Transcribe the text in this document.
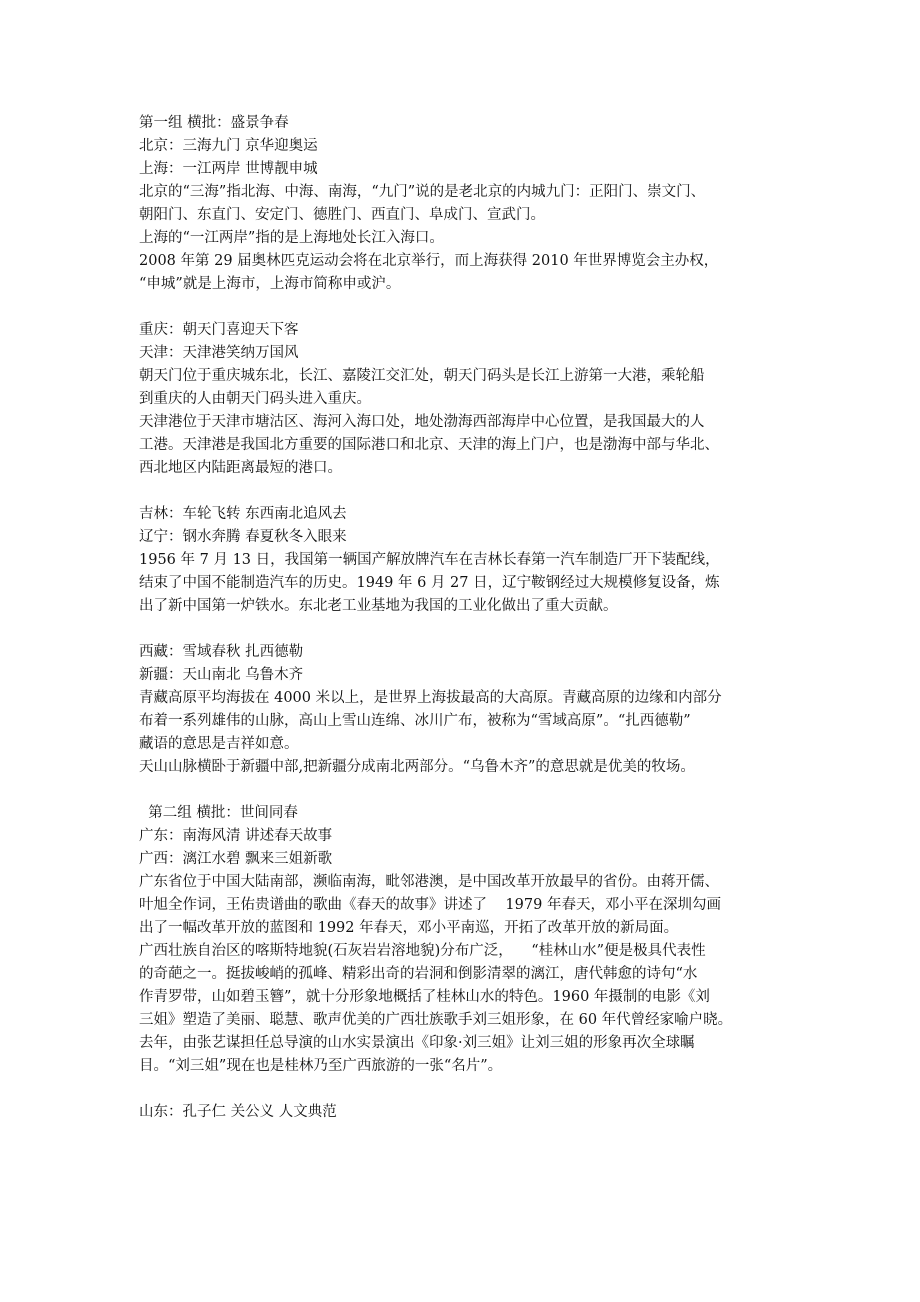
第一组 横批：盛景争春
北京：三海九门 京华迎奥运
上海：一江两岸 世博靓申城
北京的“三海”指北海、中海、南海，“九门”说的是老北京的内城九门：正阳门、崇文门、
朝阳门、东直门、安定门、德胜门、西直门、阜成门、宣武门。
上海的“一江两岸”指的是上海地处长江入海口。
2008 年第 29 届奥林匹克运动会将在北京举行，而上海获得 2010 年世界博览会主办权，
“申城”就是上海市，上海市简称申或沪。
重庆：朝天门喜迎天下客
天津：天津港笑纳万国风
朝天门位于重庆城东北，长江、嘉陵江交汇处，朝天门码头是长江上游第一大港，乘轮船
到重庆的人由朝天门码头进入重庆。
天津港位于天津市塘沽区、海河入海口处，地处渤海西部海岸中心位置，是我国最大的人
工港。天津港是我国北方重要的国际港口和北京、天津的海上门户，也是渤海中部与华北、
西北地区内陆距离最短的港口。
吉林：车轮飞转 东西南北追风去
辽宁：钢水奔腾 春夏秋冬入眼来
1956 年 7 月 13 日，我国第一辆国产解放牌汽车在吉林长春第一汽车制造厂开下装配线，
结束了中国不能制造汽车的历史。1949 年 6 月 27 日，辽宁鞍钢经过大规模修复设备，炼
出了新中国第一炉铁水。东北老工业基地为我国的工业化做出了重大贡献。
西藏：雪域春秋 扎西德勒
新疆：天山南北 乌鲁木齐
青藏高原平均海拔在 4000 米以上，是世界上海拔最高的大高原。青藏高原的边缘和内部分
布着一系列雄伟的山脉，高山上雪山连绵、冰川广布，被称为“雪域高原”。“扎西德勒”
藏语的意思是吉祥如意。
天山山脉横卧于新疆中部,把新疆分成南北两部分。“乌鲁木齐”的意思就是优美的牧场。
第二组 横批：世间同春
广东：南海风清 讲述春天故事
广西：漓江水碧 飘来三姐新歌
广东省位于中国大陆南部，濒临南海，毗邻港澳，是中国改革开放最早的省份。由蒋开儒、
叶旭全作词，王佑贵谱曲的歌曲《春天的故事》讲述了    1979 年春天，邓小平在深圳勾画
出了一幅改革开放的蓝图和 1992 年春天，邓小平南巡，开拓了改革开放的新局面。
广西壮族自治区的喀斯特地貌(石灰岩岩溶地貌)分布广泛，    “桂林山水”便是极具代表性
的奇葩之一。挺拔峻峭的孤峰、精彩出奇的岩洞和倒影清翠的漓江，唐代韩愈的诗句“水
作青罗带，山如碧玉簪”，就十分形象地概括了桂林山水的特色。1960 年摄制的电影《刘
三姐》塑造了美丽、聪慧、歌声优美的广西壮族歌手刘三姐形象，在 60 年代曾经家喻户晓。
去年，由张艺谋担任总导演的山水实景演出《印象·刘三姐》让刘三姐的形象再次全球瞩
目。“刘三姐”现在也是桂林乃至广西旅游的一张“名片”。
山东：孔子仁 关公义 人文典范
